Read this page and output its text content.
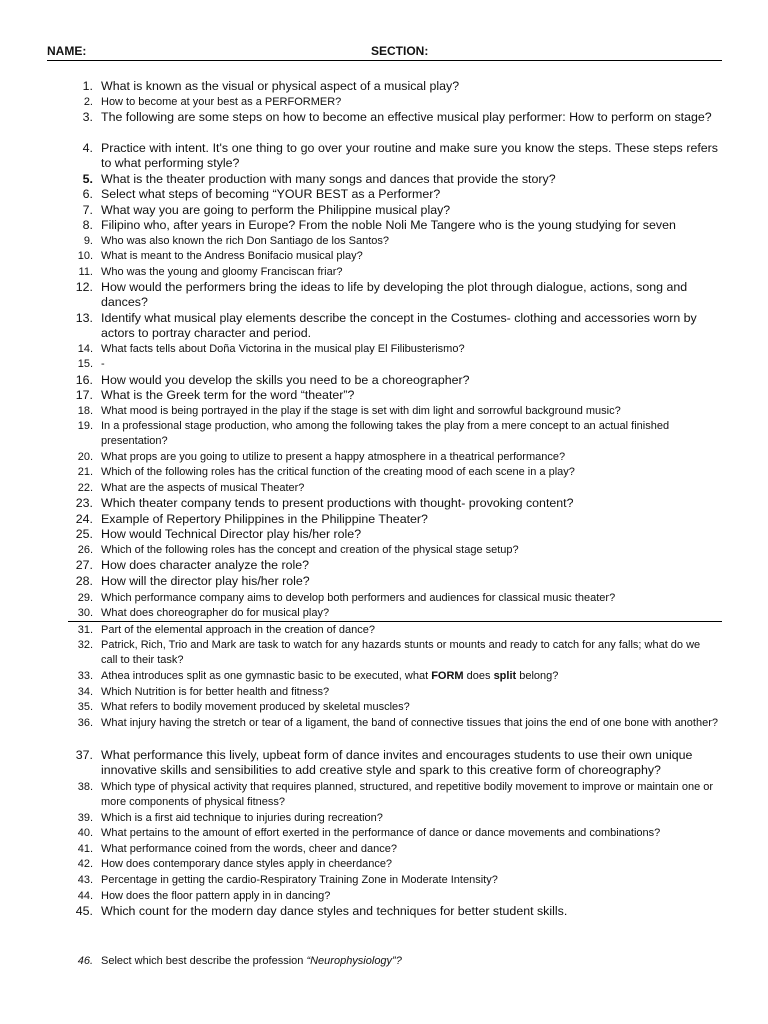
NAME:	SECTION:
1. What is known as the visual or physical aspect of a musical play?
2. How to become at your best as a PERFORMER?
3. The following are some steps on how to become an effective musical play performer: How to perform on stage?
4. Practice with intent. It's one thing to go over your routine and make sure you know the steps. These steps refers to what performing style?
5. What is the theater production with many songs and dances that provide the story?
6. Select what steps of becoming “YOUR BEST as a Performer?
7. What way you are going to perform the Philippine musical play?
8. Filipino who, after years in Europe? From the noble Noli Me Tangere who is the young studying for seven
9. Who was also known the rich Don Santiago de los Santos?
10. What is meant to the Andress Bonifacio musical play?
11. Who was the young and gloomy Franciscan friar?
12. How would the performers bring the ideas to life by developing the plot through dialogue, actions, song and dances?
13. Identify what musical play elements describe the concept in the Costumes- clothing and accessories worn by actors to portray character and period.
14. What facts tells about Doña Victorina in the musical play El Filibusterismo?
15. -
16. How would you develop the skills you need to be a choreographer?
17. What is the Greek term for the word “theater”?
18. What mood is being portrayed in the play if the stage is set with dim light and sorrowful background music?
19. In a professional stage production, who among the following takes the play from a mere concept to an actual finished presentation?
20. What props are you going to utilize to present a happy atmosphere in a theatrical performance?
21. Which of the following roles has the critical function of the creating mood of each scene in a play?
22. What are the aspects of musical Theater?
23. Which theater company tends to present productions with thought- provoking content?
24. Example of Repertory Philippines in the Philippine Theater?
25. How would Technical Director play his/her role?
26. Which of the following roles has the concept and creation of the physical stage setup?
27. How does character analyze the role?
28. How will the director play his/her role?
29. Which performance company aims to develop both performers and audiences for classical music theater?
30. What does choreographer do for musical play?
31. Part of the elemental approach in the creation of dance?
32. Patrick, Rich, Trio and Mark are task to watch for any hazards stunts or mounts and ready to catch for any falls; what do we call to their task?
33. Athea introduces split as one gymnastic basic to be executed, what FORM does split belong?
34. Which Nutrition is for better health and fitness?
35. What refers to bodily movement produced by skeletal muscles?
36. What injury having the stretch or tear of a ligament, the band of connective tissues that joins the end of one bone with another?
37. What performance this lively, upbeat form of dance invites and encourages students to use their own unique innovative skills and sensibilities to add creative style and spark to this creative form of choreography?
38. Which type of physical activity that requires planned, structured, and repetitive bodily movement to improve or maintain one or more components of physical fitness?
39. Which is a first aid technique to injuries during recreation?
40. What pertains to the amount of effort exerted in the performance of dance or dance movements and combinations?
41. What performance coined from the words, cheer and dance?
42. How does contemporary dance styles apply in cheerdance?
43. Percentage in getting the cardio-Respiratory Training Zone in Moderate Intensity?
44. How does the floor pattern apply in in dancing?
45. Which count for the modern day dance styles and techniques for better student skills.
46. Select which best describe the profession “Neurophysiology”?
